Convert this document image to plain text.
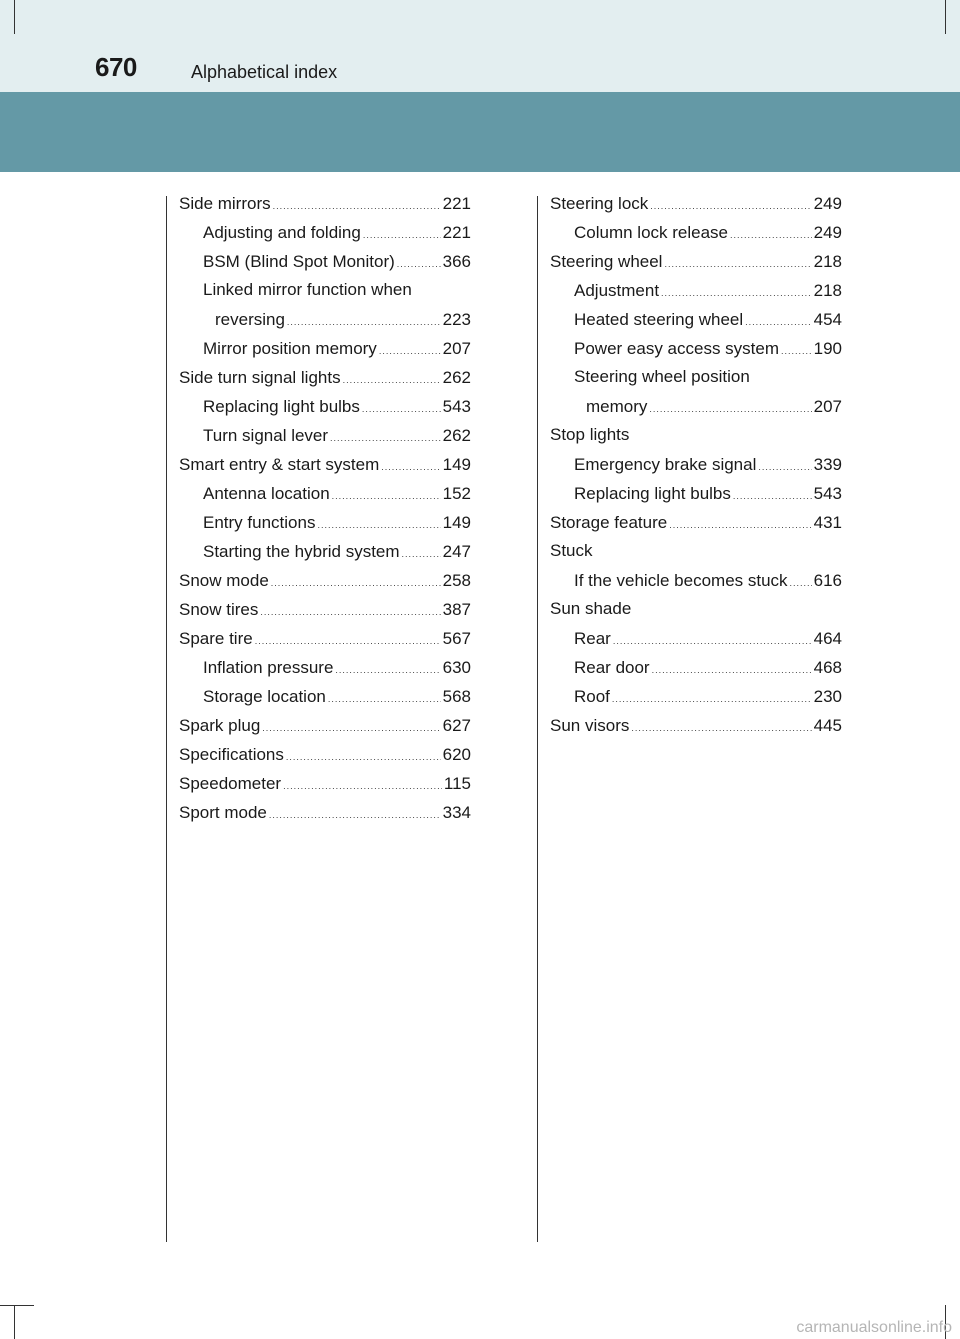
670	Alphabetical index
Side mirrors .....	221
Adjusting and folding .....	221
BSM (Blind Spot Monitor) .....	366
Linked mirror function when
reversing .....	223
Mirror position memory .....	207
Side turn signal lights .....	262
Replacing light bulbs .....	543
Turn signal lever .....	262
Smart entry & start system .....	149
Antenna location .....	152
Entry functions .....	149
Starting the hybrid system .....	247
Snow mode .....	258
Snow tires .....	387
Spare tire .....	567
Inflation pressure .....	630
Storage location .....	568
Spark plug .....	627
Specifications .....	620
Speedometer .....	115
Sport mode .....	334
Steering lock .....	249
Column lock release .....	249
Steering wheel .....	218
Adjustment .....	218
Heated steering wheel .....	454
Power easy access system ..... 190
Steering wheel position
memory .....	207
Stop lights
Emergency brake signal .....	339
Replacing light bulbs .....	543
Storage feature .....	431
Stuck
If the vehicle becomes stuck ..... 616
Sun shade
Rear .....	464
Rear door .....	468
Roof .....	230
Sun visors .....	445
carmanualsonline.info
